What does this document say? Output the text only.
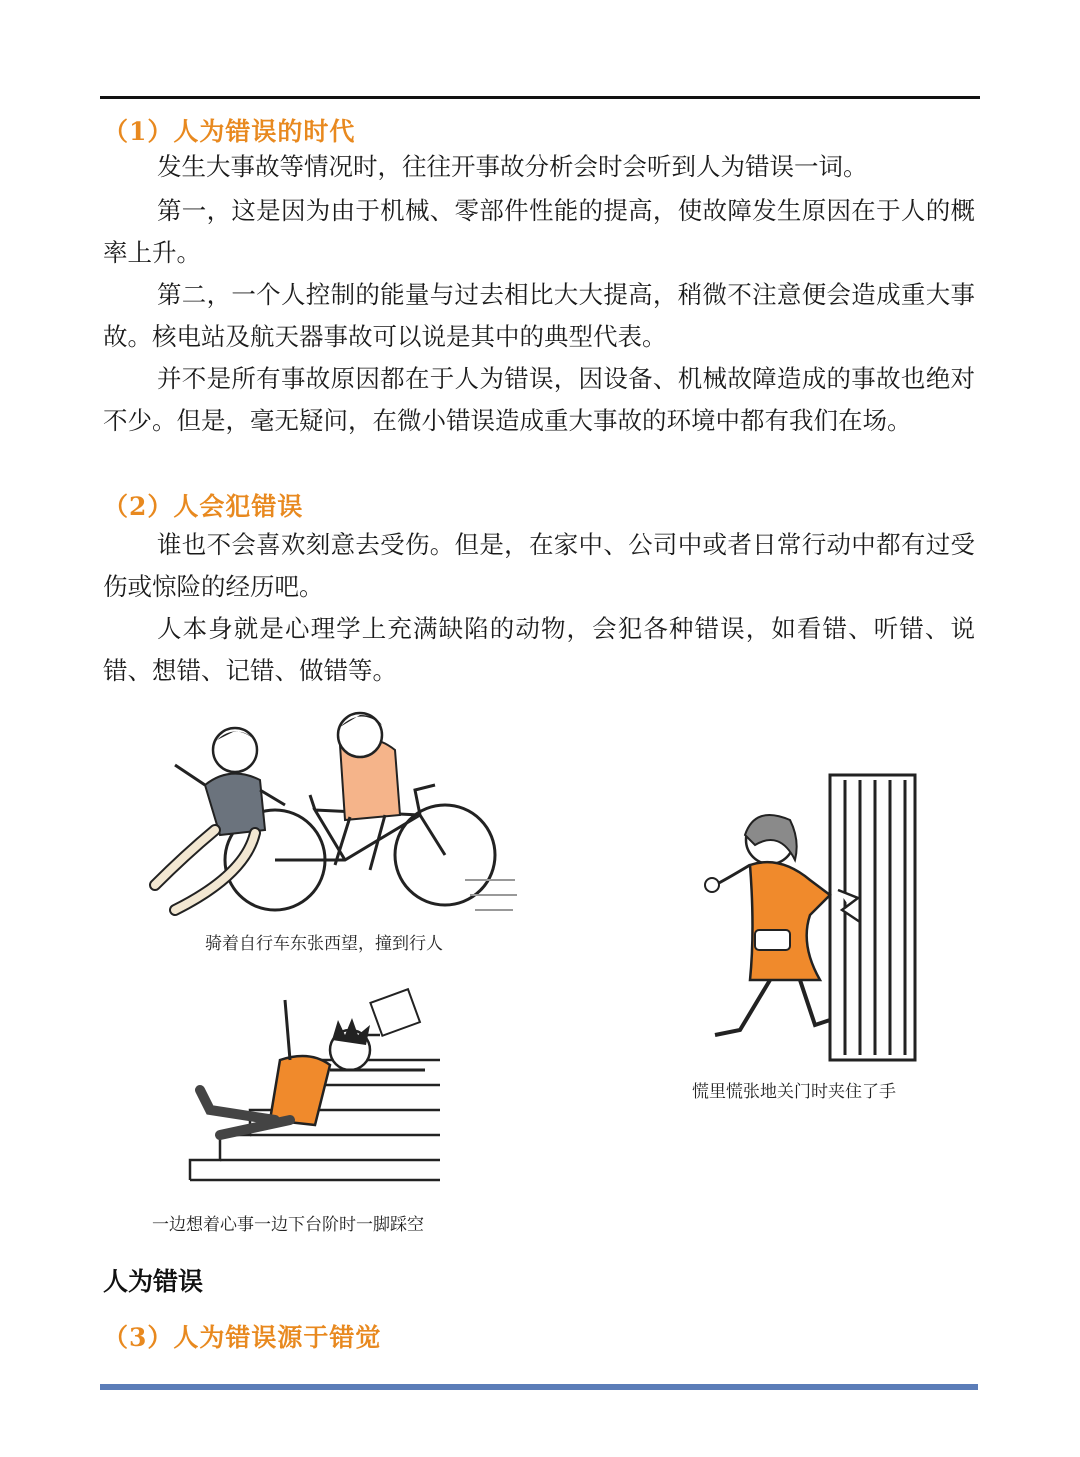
（1）人为错误的时代

发生大事故等情况时，往往开事故分析会时会听到人为错误一词。

第一，这是因为由于机械、零部件性能的提高，使故障发生原因在于人的概率上升。

第二，一个人控制的能量与过去相比大大提高，稍微不注意便会造成重大事故。核电站及航天器事故可以说是其中的典型代表。

并不是所有事故原因都在于人为错误，因设备、机械故障造成的事故也绝对不少。但是，毫无疑问，在微小错误造成重大事故的环境中都有我们在场。

（2）人会犯错误

谁也不会喜欢刻意去受伤。但是，在家中、公司中或者日常行动中都有过受伤或惊险的经历吧。

人本身就是心理学上充满缺陷的动物，会犯各种错误，如看错、听错、说错、想错、记错、做错等。

骑着自行车东张西望，撞到行人
慌里慌张地关门时夹住了手
一边想着心事一边下台阶时一脚踩空
人为错误
（3）人为错误源于错觉
